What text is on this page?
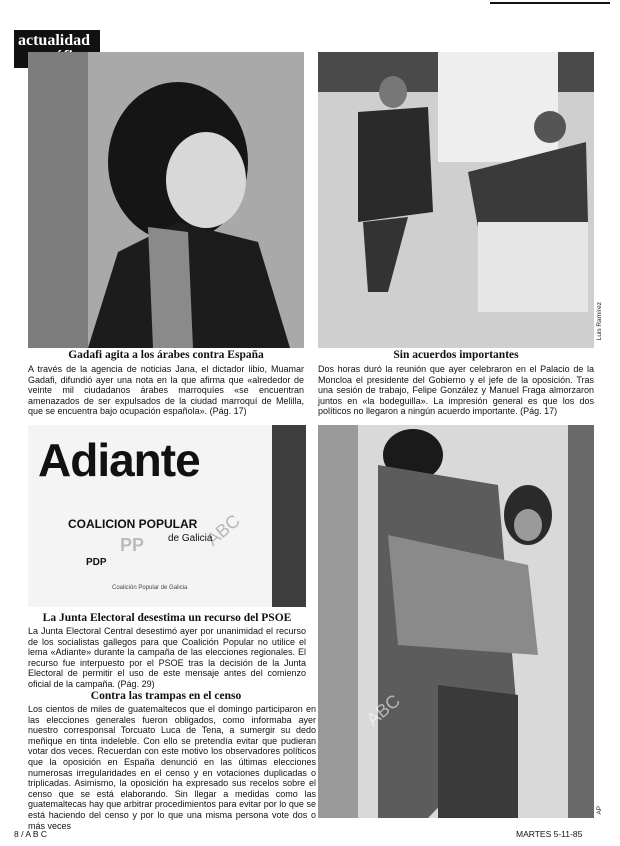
actualidad
Luis Ramírez
Gadafi agita a los árabes contra España
A través de la agencia de noticias Jana, el dictador libio, Muamar Gadafi, difundió ayer una nota en la que afirma que «alrededor de veinte mil ciudadanos árabes marroquíes «se encuentran amenazados de ser expulsados de la ciudad marroquí de Melilla, que se encuentra bajo ocupación española». (Pág. 17)
Sin acuerdos importantes
Dos horas duró la reunión que ayer celebraron en el Palacio de la Moncloa el presidente del Gobierno y el jefe de la oposición. Tras una sesión de trabajo, Felipe González y Manuel Fraga almorzaron juntos en «la bodeguilla». La impresión general es que los dos políticos no llegaron a ningún acuerdo importante. (Pág. 17)
Adiante
COALICION POPULAR
de Galicia
PP
PDP
Coalición Popular de Galicia
La Junta Electoral desestima un recurso del PSOE
La Junta Electoral Central desestimó ayer por unanimidad el recurso de los socialistas gallegos para que Coalición Popular no utilice el lema «Adiante» durante la campaña de las elecciones regionales. El recurso fue interpuesto por el PSOE tras la decisión de la Junta Electoral de permitir el uso de este mensaje antes del comienzo oficial de la campaña. (Pág. 29)
AP
Contra las trampas en el censo
Los cientos de miles de guatemaltecos que el domingo participaron en las elecciones generales fueron obligados, como informaba ayer nuestro corresponsal Torcuato Luca de Tena, a sumergir su dedo meñique en tinta indeleble. Con ello se pretendía evitar que pudieran votar dos veces. Recuerdan con este motivo los observadores políticos que la oposición en España denunció en las últimas elecciones numerosas irregularidades en el censo y en votaciones duplicadas o triplicadas. Asimismo, la oposición ha expresado sus recelos sobre el censo que se está elaborando. Sin llegar a medidas como las guatemaltecas hay que arbitrar procedimientos para evitar por lo que se está haciendo del censo y por lo que una misma persona vote dos o más veces
ABC
ABC
8 / A B C	MARTES 5-11-85
